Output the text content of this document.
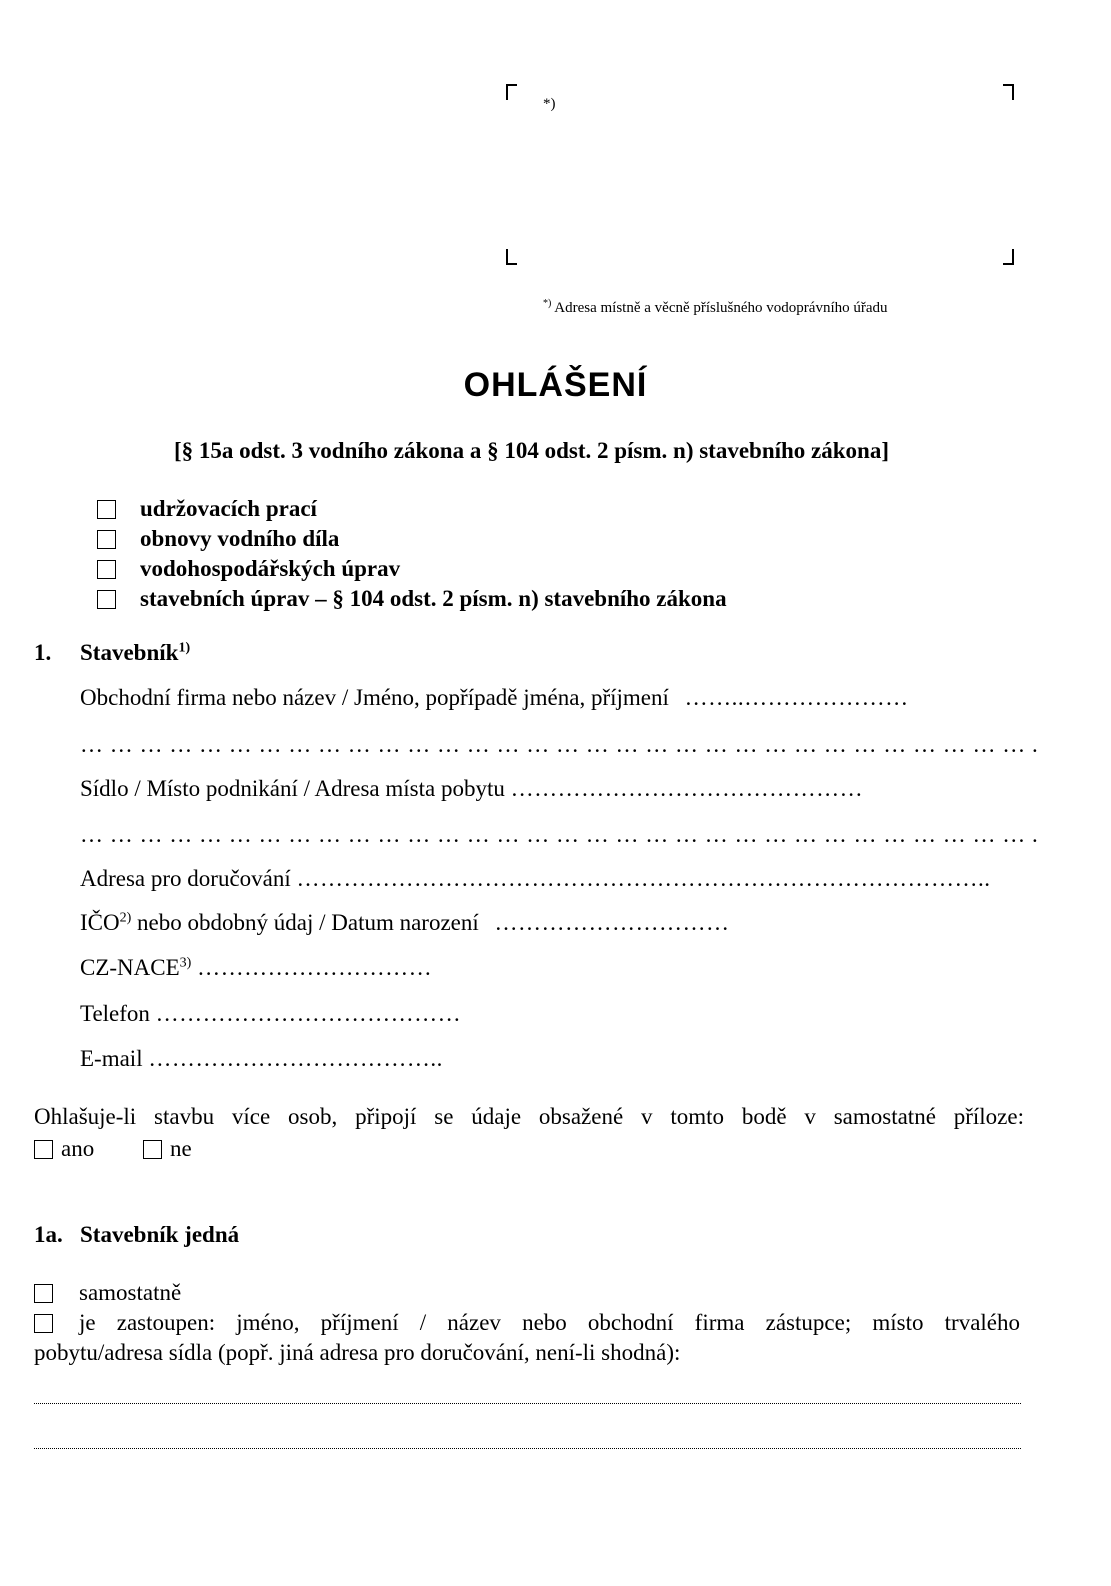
*)
*) Adresa místně a věcně příslušného vodoprávního úřadu
OHLÁŠENÍ
[§ 15a odst. 3 vodního zákona a § 104 odst. 2 písm. n) stavebního zákona]
udržovacích prací
obnovy vodního díla
vodohospodářských úprav
stavebních úprav – § 104 odst. 2 písm. n) stavebního zákona
1. Stavebník$^{1)}$
Obchodní firma nebo název / Jméno, popřípadě jména, příjmení ……..…………………
… … … … … … … … … … … … … … … … … … … … … … … … … … … … … … … … .
Sídlo / Místo podnikání / Adresa místa pobytu ………………………………………
… … … … … … … … … … … … … … … … … … … … … … … … … … … … … … … … .
Adresa pro doručování ……………………………………………………………………………..
IČO$^{2)}$ nebo obdobný údaj / Datum narození …………………………
CZ-NACE$^{3)}$ …………………………
Telefon …………………………………
E-mail ………………………………..
Ohlašuje-li stavbu více osob, připojí se údaje obsažené v tomto bodě v samostatné příloze:
ano	ne
1a. Stavebník jedná
samostatně
je zastoupen: jméno, příjmení / název nebo obchodní firma zástupce; místo trvalého
pobytu/adresa sídla (popř. jiná adresa pro doručování, není-li shodná):
